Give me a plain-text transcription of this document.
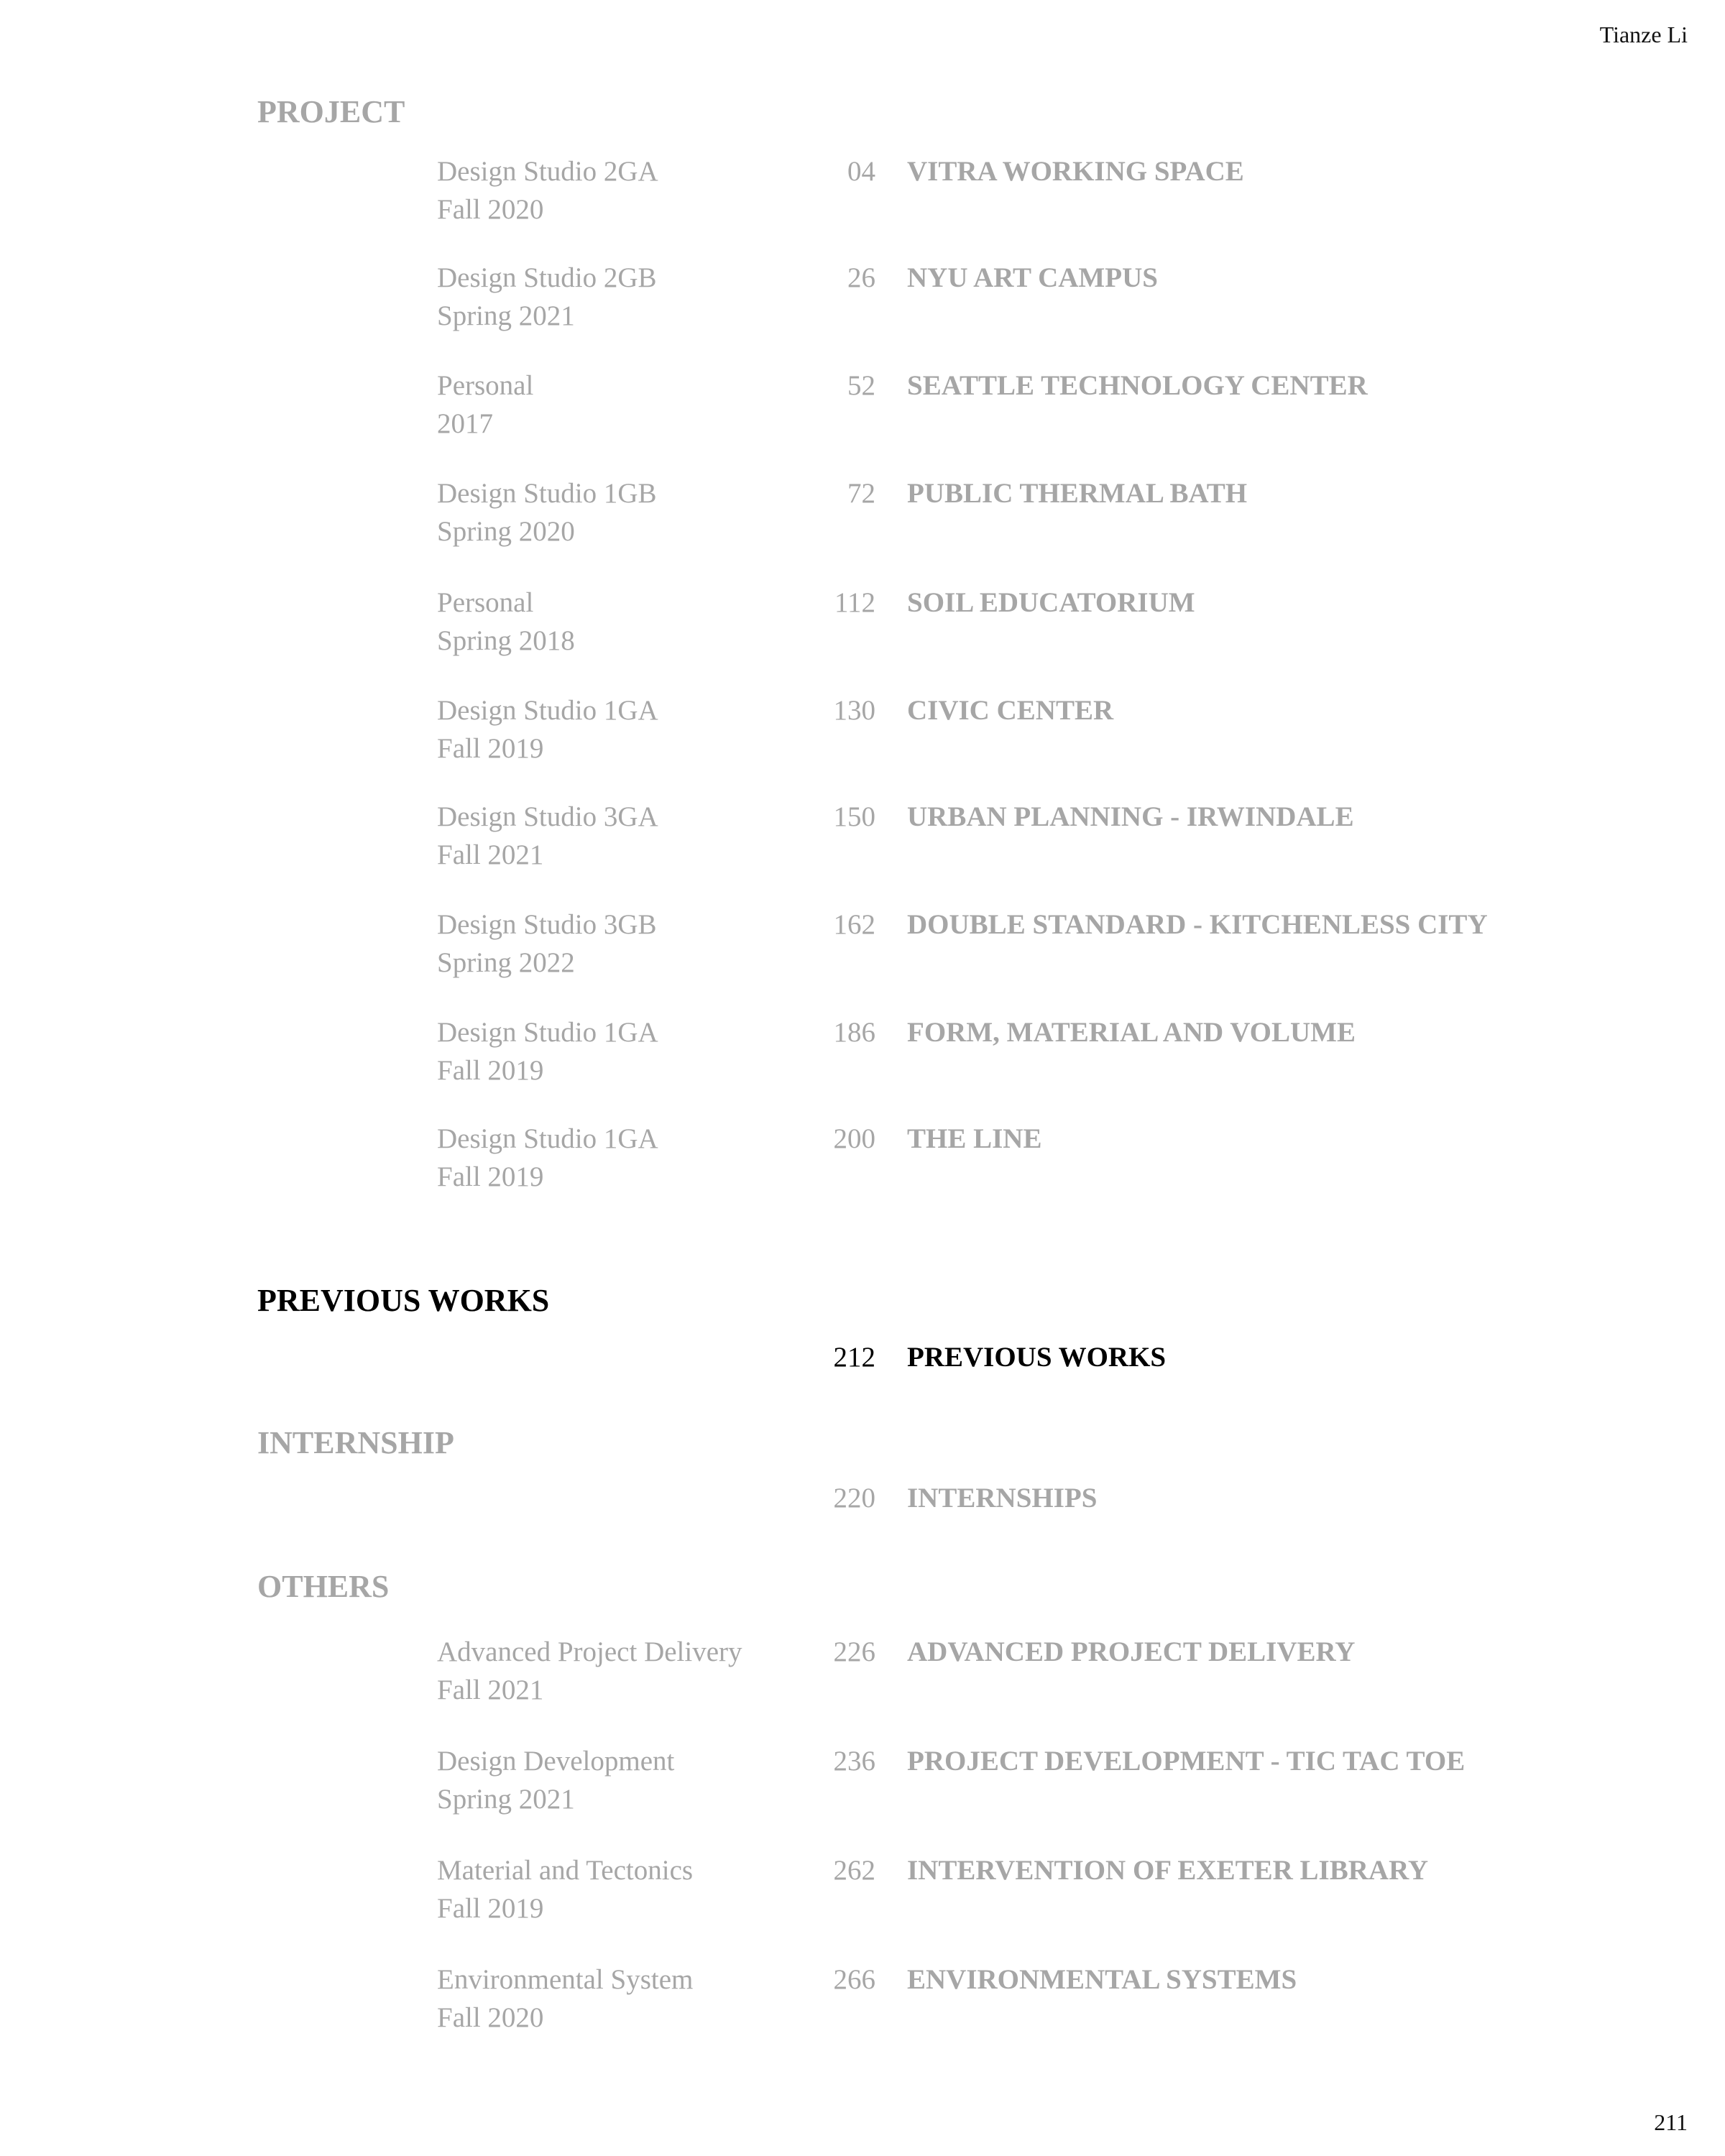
Tianze Li
PROJECT
Design Studio 2GA
Fall 2020
04 VITRA WORKING SPACE
Design Studio 2GB
Spring 2021
26 NYU ART CAMPUS
Personal
2017
52 SEATTLE TECHNOLOGY CENTER
Design Studio 1GB
Spring 2020
72 PUBLIC THERMAL BATH
Personal
Spring 2018
112 SOIL EDUCATORIUM
Design Studio 1GA
Fall 2019
130 CIVIC CENTER
Design Studio 3GA
Fall 2021
150 URBAN PLANNING - IRWINDALE
Design Studio 3GB
Spring 2022
162 DOUBLE STANDARD - KITCHENLESS CITY
Design Studio 1GA
Fall 2019
186 FORM, MATERIAL AND VOLUME
Design Studio 1GA
Fall 2019
200 THE LINE
PREVIOUS WORKS
212 PREVIOUS WORKS
INTERNSHIP
220 INTERNSHIPS
OTHERS
Advanced Project Delivery
Fall 2021
226 ADVANCED PROJECT DELIVERY
Design Development
Spring 2021
236 PROJECT DEVELOPMENT - TIC TAC TOE
Material and Tectonics
Fall 2019
262 INTERVENTION OF EXETER LIBRARY
Environmental System
Fall 2020
266 ENVIRONMENTAL SYSTEMS
211
